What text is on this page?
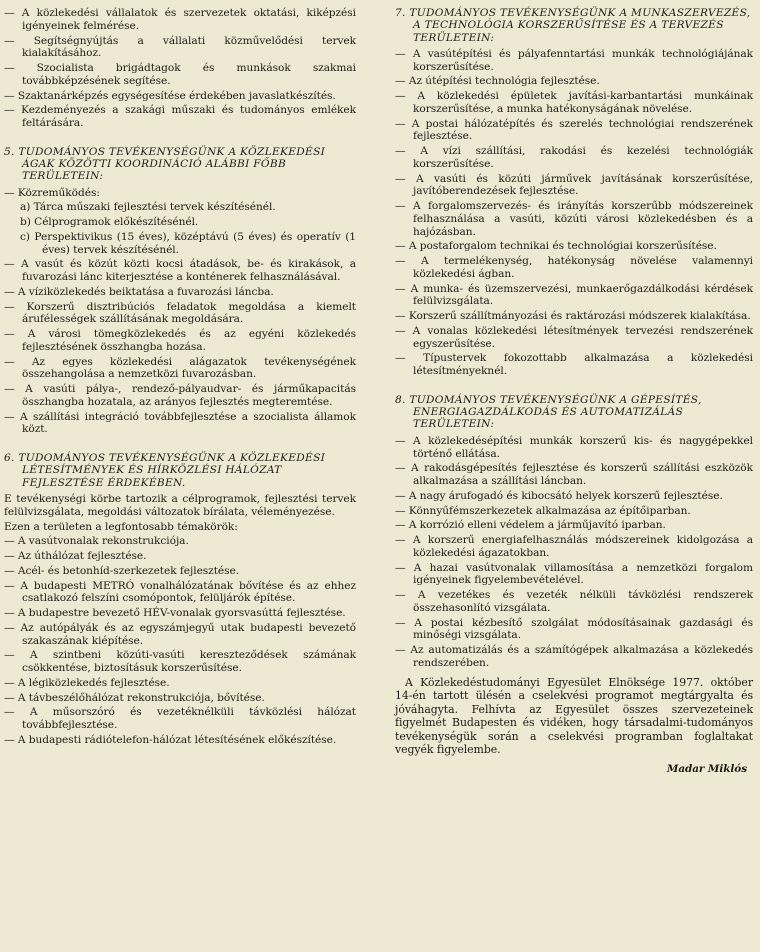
— A közlekedési vállalatok és szervezetek oktatási, kiképzési igényeinek felmérése.

— Segítségnyújtás a vállalati közművelődési tervek kialakításához.

— Szocialista brigádtagok és munkások szakmai továbbképzésének segítése.

— Szaktanárképzés egységesítése érdekében javaslatkészítés.

— Kezdeményezés a szakági műszaki és tudományos emlékek feltárására.

5. TUDOMÁNYOS TEVÉKENYSÉGÜNK A KÖZLEKEDÉSI ÁGAK KÖZÖTTI KOORDINÁCIÓ ALÁBBI FŐBB TERÜLETEIN:

— Közreműködés:

a) Tárca műszaki fejlesztési tervek készítésénél.

b) Célprogramok előkészítésénél.

c) Perspektivikus (15 éves), középtávú (5 éves) és operatív (1 éves) tervek készítésénél.

— A vasút és közút közti kocsi átadások, be- és kirakások, a fuvarozási lánc kiterjesztése a konténerek felhasználásával.

— A víziközlekedés beiktatása a fuvarozási láncba.

— Korszerű disztribúciós feladatok megoldása a kiemelt árufélességek szállításának megoldására.

— A városi tömegközlekedés és az egyéni közlekedés fejlesztésének összhangba hozása.

— Az egyes közlekedési alágazatok tevékenységének összehangolása a nemzetközi fuvarozásban.

— A vasúti pálya-, rendező-pályaudvar- és járműkapacitás összhangba hozatala, az arányos fejlesztés megteremtése.

— A szállítási integráció továbbfejlesztése a szocialista államok közt.

6. TUDOMÁNYOS TEVÉKENYSÉGÜNK A KÖZLEKEDÉSI LÉTESÍTMÉNYEK ÉS HÍRKÖZLÉSI HÁLÓZAT FEJLESZTÉSE ÉRDEKÉBEN.

E tevékenységi körbe tartozik a célprogramok, fejlesztési tervek felülvizsgálata, megoldási változatok bírálata, véleményezése.

Ezen a területen a legfontosabb témakörök:

— A vasútvonalak rekonstrukciója.

— Az úthálózat fejlesztése.

— Acél- és betonhíd-szerkezetek fejlesztése.

— A budapesti METRÓ vonalhálózatának bővítése és az ehhez csatlakozó felszíni csomópontok, felüljárók építése.

— A budapestre bevezető HÉV-vonalak gyorsvasúttá fejlesztése.

— Az autópályák és az egyszámjegyű utak budapesti bevezető szakaszának kiépítése.

— A szintbeni közúti-vasúti kereszteződések számának csökkentése, biztosításuk korszerűsítése.

— A légiközlekedés fejlesztése.

— A távbeszélőhálózat rekonstrukciója, bővítése.

— A műsorszóró és vezetéknélküli távközlési hálózat továbbfejlesztése.

— A budapesti rádiótelefon-hálózat létesítésének előkészítése.

7. TUDOMÁNYOS TEVÉKENYSÉGÜNK A MUNKASZERVEZÉS, A TECHNOLÓGIA KORSZERŰSÍTÉSE ÉS A TERVEZÉS TERÜLETEIN:

— A vasútépítési és pályafenntartási munkák technológiájának korszerűsítése.

— Az útépítési technológia fejlesztése.

— A közlekedési épületek javítási-karbantartási munkáinak korszerűsítése, a munka hatékonyságának növelése.

— A postai hálózatépítés és szerelés technológiai rendszerének fejlesztése.

— A vízi szállítási, rakodási és kezelési technológiák korszerűsítése.

— A vasúti és közúti járművek javításának korszerűsítése, javítóberendezések fejlesztése.

— A forgalomszervezés- és irányítás korszerűbb módszereinek felhasználása a vasúti, közúti városi közlekedésben és a hajózásban.

— A postaforgalom technikai és technológiai korszerűsítése.

— A termelékenység, hatékonyság növelése valamennyi közlekedési ágban.

— A munka- és üzemszervezési, munkaerőgazdálkodási kérdések felülvizsgálata.

— Korszerű szállítmányozási és raktározási módszerek kialakítása.

— A vonalas közlekedési létesítmények tervezési rendszerének egyszerűsítése.

— Típustervek fokozottabb alkalmazása a közlekedési létesítményeknél.

8. TUDOMÁNYOS TEVÉKENYSÉGÜNK A GÉPESÍTÉS, ENERGIAGAZDÁLKODÁS ÉS AUTOMATIZÁLÁS TERÜLETEIN:

— A közlekedésépítési munkák korszerű kis- és nagygépekkel történő ellátása.

— A rakodásgépesítés fejlesztése és korszerű szállítási eszközök alkalmazása a szállítási láncban.

— A nagy árufogadó és kibocsátó helyek korszerű fejlesztése.

— Könnyűfémszerkezetek alkalmazása az építőiparban.

— A korrózió elleni védelem a járműjavító iparban.

— A korszerű energiafelhasználás módszereinek kidolgozása a közlekedési ágazatokban.

— A hazai vasútvonalak villamosítása a nemzetközi forgalom igényeinek figyelembevételével.

— A vezetékes és vezeték nélküli távközlési rendszerek összehasonlító vizsgálata.

— A postai kézbesítő szolgálat módosításainak gazdasági és minőségi vizsgálata.

— Az automatizálás és a számítógépek alkalmazása a közlekedés rendszerében.

A Közlekedéstudományi Egyesület Elnöksége 1977. október 14-én tartott ülésén a cselekvési programot megtárgyalta és jóváhagyta. Felhívta az Egyesület összes szervezeteinek figyelmét Budapesten és vidéken, hogy társadalmi-tudományos tevékenységük során a cselekvési programban foglaltakat vegyék figyelembe.

Madar Miklós
